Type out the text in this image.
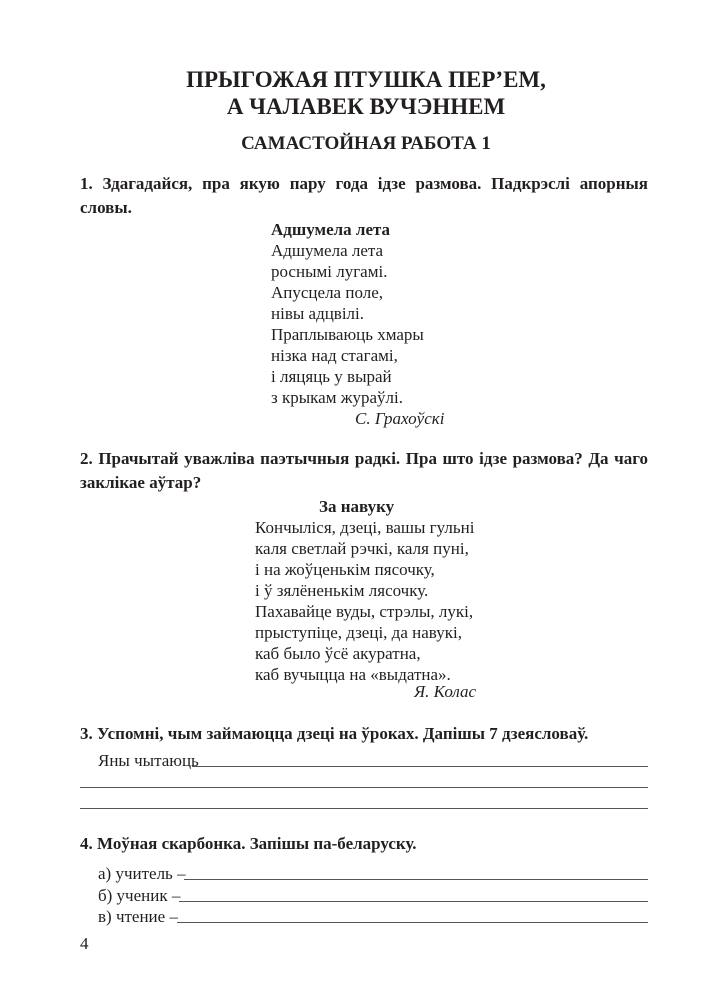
ПРЫГОЖАЯ ПТУШКА ПЕР’ЕМ,
А ЧАЛАВЕК ВУЧЭННЕМ
САМАСТОЙНАЯ РАБОТА 1
1. Здагадайся, пра якую пару года ідзе размова. Падкрэслі апорныя словы.
Адшумела лета
Адшумела лета
роснымі лугамі.
Апусцела поле,
нівы адцвілі.
Праплываюць хмары
нізка над стагамі,
і ляцяць у вырай
з крыкам жураўлі.
С. Грахоўскі
2. Прачытай уважліва паэтычныя радкі. Пра што ідзе размова? Да чаго заклікае аўтар?
За навуку
Кончыліся, дзеці, вашы гульні
каля светлай рэчкі, каля пуні,
і на жоўценькім пясочку,
і ў зялёненькім лясочку.
Пахавайце вуды, стрэлы, лукі,
прыступіце, дзеці, да навукі,
каб было ўсё акуратна,
каб вучыцца на «выдатна».
Я. Колас
3. Успомні, чым займаюцца дзеці на ўроках. Дапішы 7 дзеясловаў.
Яны чытаюць
4. Моўная скарбонка. Запішы па-беларуску.
а) учитель –
б) ученик –
в) чтение –
4
